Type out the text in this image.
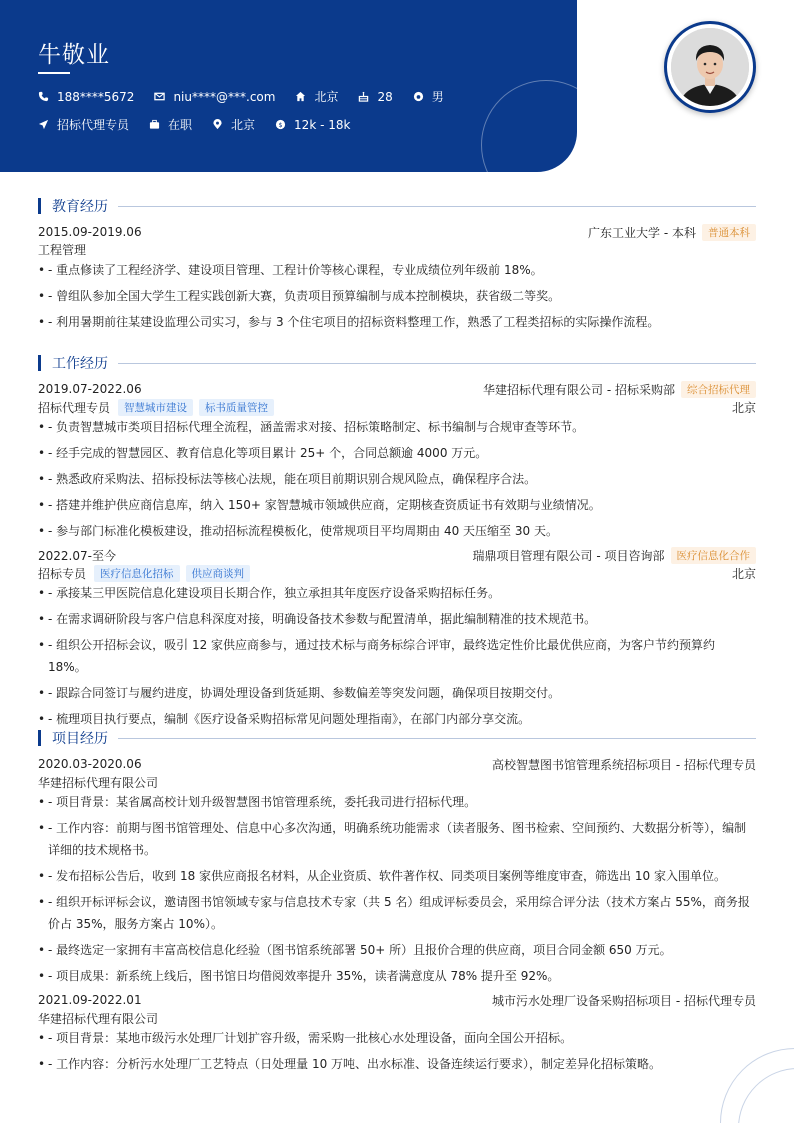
牛敬业
188****5672	niu****@***.com	北京	28	男
招标代理专员	在职	北京	$ 12k - 18k
教育经历
2015.09-2019.06	广东工业大学 - 本科	普通本科
工程管理
• - 重点修读了工程经济学、建设项目管理、工程计价等核心课程，专业成绩位列年级前 18%。
• - 曾组队参加全国大学生工程实践创新大赛，负责项目预算编制与成本控制模块，获省级二等奖。
• - 利用暑期前往某建设监理公司实习，参与 3 个住宅项目的招标资料整理工作，熟悉了工程类招标的实际操作流程。
工作经历
2019.07-2022.06	华建招标代理有限公司 - 招标采购部	综合招标代理
招标代理专员	智慧城市建设	标书质量管控	北京
• - 负责智慧城市类项目招标代理全流程，涵盖需求对接、招标策略制定、标书编制与合规审查等环节。
• - 经手完成的智慧园区、教育信息化等项目累计 25+ 个，合同总额逾 4000 万元。
• - 熟悉政府采购法、招标投标法等核心法规，能在项目前期识别合规风险点，确保程序合法。
• - 搭建并维护供应商信息库，纳入 150+ 家智慧城市领域供应商，定期核查资质证书有效期与业绩情况。
• - 参与部门标准化模板建设，推动招标流程模板化，使常规项目平均周期由 40 天压缩至 30 天。
2022.07-至今	瑞鼎项目管理有限公司 - 项目咨询部	医疗信息化合作
招标专员	医疗信息化招标	供应商谈判	北京
• - 承接某三甲医院信息化建设项目长期合作，独立承担其年度医疗设备采购招标任务。
• - 在需求调研阶段与客户信息科深度对接，明确设备技术参数与配置清单，据此编制精准的技术规范书。
• - 组织公开招标会议，吸引 12 家供应商参与，通过技术标与商务标综合评审，最终选定性价比最优供应商，为客户节约预算约 18%。
• - 跟踪合同签订与履约进度，协调处理设备到货延期、参数偏差等突发问题，确保项目按期交付。
• - 梳理项目执行要点，编制《医疗设备采购招标常见问题处理指南》，在部门内部分享交流。
项目经历
2020.03-2020.06	高校智慧图书馆管理系统招标项目 - 招标代理专员
华建招标代理有限公司
• - 项目背景：某省属高校计划升级智慧图书馆管理系统，委托我司进行招标代理。
• - 工作内容：前期与图书馆管理处、信息中心多次沟通，明确系统功能需求（读者服务、图书检索、空间预约、大数据分析等），编制详细的技术规格书。
• - 发布招标公告后，收到 18 家供应商报名材料，从企业资质、软件著作权、同类项目案例等维度审查，筛选出 10 家入围单位。
• - 组织开标评标会议，邀请图书馆领域专家与信息技术专家（共 5 名）组成评标委员会，采用综合评分法（技术方案占 55%，商务报价占 35%，服务方案占 10%）。
• - 最终选定一家拥有丰富高校信息化经验（图书馆系统部署 50+ 所）且报价合理的供应商，项目合同金额 650 万元。
• - 项目成果：新系统上线后，图书馆日均借阅效率提升 35%，读者满意度从 78% 提升至 92%。
2021.09-2022.01	城市污水处理厂设备采购招标项目 - 招标代理专员
华建招标代理有限公司
• - 项目背景：某地市级污水处理厂计划扩容升级，需采购一批核心水处理设备，面向全国公开招标。
• - 工作内容：分析污水处理厂工艺特点（日处理量 10 万吨、出水标准、设备连续运行要求），制定差异化招标策略。
